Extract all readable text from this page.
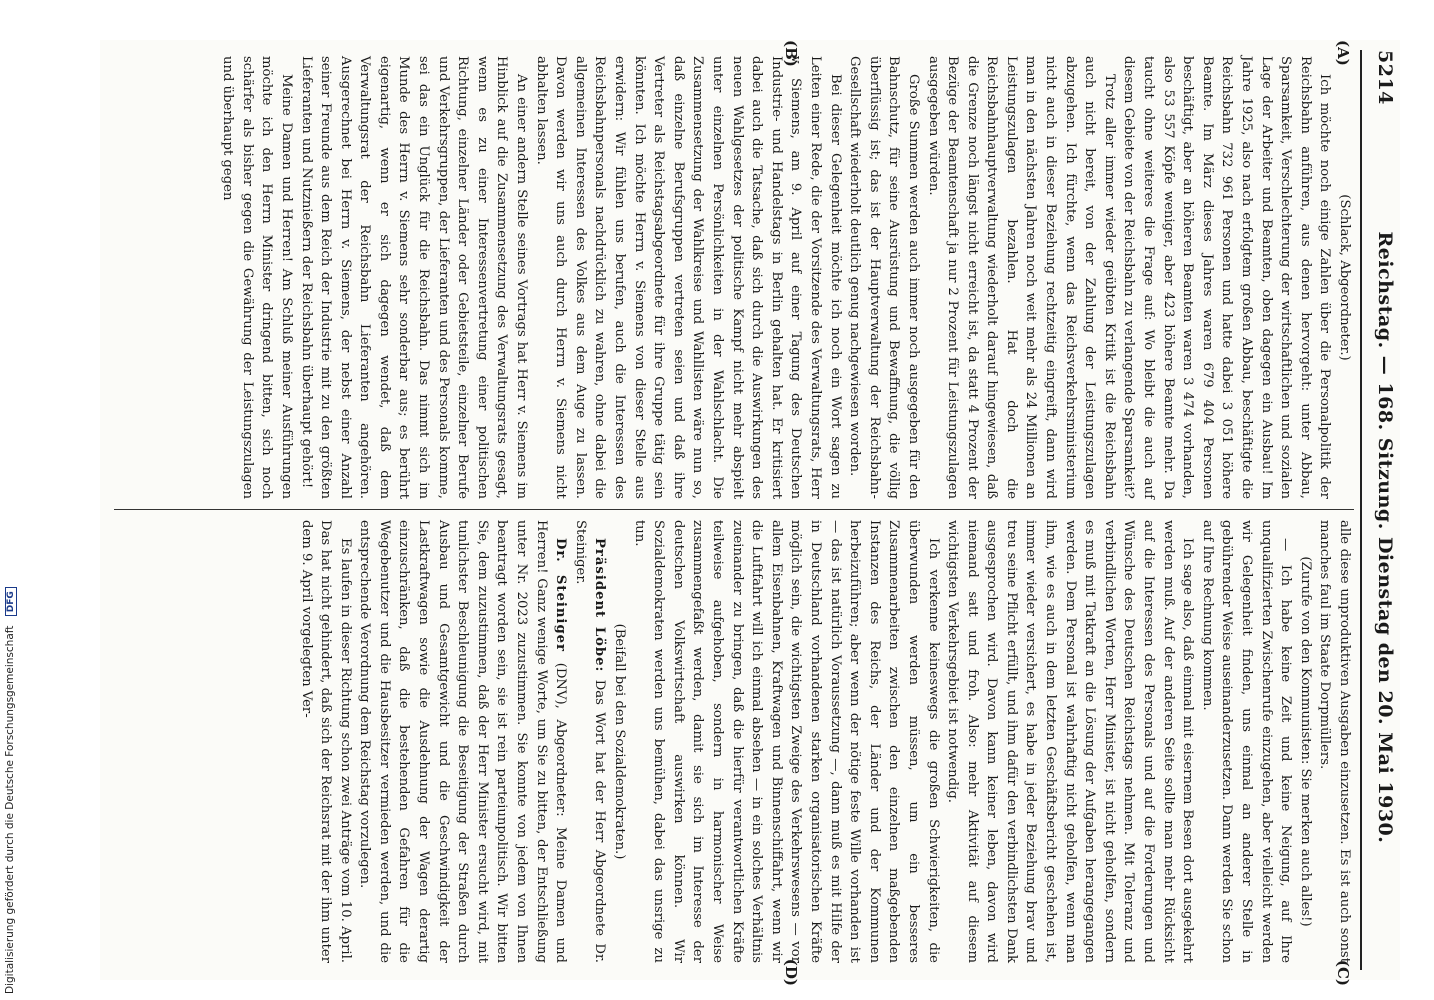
5214
Reichstag. — 168. Sitzung. Dienstag den 20. Mai 1930.
(A)
(B)
(C)
(D)

(Schlack, Abgeordneter.)

Ich möchte noch einige Zahlen über die Personalpolitik der Reichsbahn anführen, aus denen hervorgeht: unter Abbau, Sparsamkeit, Verschlechterung der wirtschaftlichen und sozialen Lage der Arbeiter und Beamten, oben dagegen ein Ausbau! Im Jahre 1925, also nach erfolgtem großen Abbau, beschäftigte die Reichsbahn 732 961 Personen und hatte dabei 3 051 höhere Beamte. Im März dieses Jahres waren 679 404 Personen beschäftigt, aber an höheren Beamten waren 3 474 vorhanden, also 53 557 Köpfe weniger, aber 423 höhere Beamte mehr. Da taucht ohne weiteres die Frage auf: Wo bleibt die auch auf diesem Gebiete von der Reichsbahn zu verlangende Sparsamkeit?

Trotz aller immer wieder geübten Kritik ist die Reichsbahn auch nicht bereit, von der Zahlung der Leistungszulagen abzugehen. Ich fürchte, wenn das Reichsverkehrsministerium nicht auch in dieser Beziehung rechtzeitig eingreift, dann wird man in den nächsten Jahren noch weit mehr als 24 Millionen an Leistungszulagen bezahlen. Hat doch die Reichsbahnhauptverwaltung wiederholt darauf hingewiesen, daß die Grenze noch längst nicht erreicht ist, da statt 4 Prozent der Bezüge der Beamtenschaft ja nur 2 Prozent für Leistungszulagen ausgegeben würden.

Große Summen werden auch immer noch ausgegeben für den Bahnschutz, für seine Ausrüstung und Bewaffnung, die völlig überflüssig ist; das ist der Hauptverwaltung der Reichsbahn-Gesellschaft wiederholt deutlich genug nachgewiesen worden.

Bei dieser Gelegenheit möchte ich noch ein Wort sagen zu Leiten einer Rede, die der Vorsitzende des Verwaltungsrats, Herr v. Siemens, am 9. April auf einer Tagung des Deutschen Industrie- und Handelstags in Berlin gehalten hat. Er kritisiert dabei auch die Tatsache, daß sich durch die Auswirkungen des neuen Wahlgesetzes der politische Kampf nicht mehr abspielt unter einzelnen Persönlichkeiten in der Wahlschlacht. Die Zusammensetzung der Wahlkreise und Wahllisten wäre nun so, daß einzelne Berufsgruppen vertreten seien und daß ihre Vertreter als Reichstagsabgeordnete für ihre Gruppe tätig sein könnten. Ich möchte Herrn v. Siemens von dieser Stelle aus erwidern: Wir fühlen uns berufen, auch die Interessen des Reichsbahnpersonals nachdrücklich zu wahren, ohne dabei die allgemeinen Interessen des Volkes aus dem Auge zu lassen. Davon werden wir uns auch durch Herrn v. Siemens nicht abhalten lassen.

An einer andern Stelle seines Vortrags hat Herr v. Siemens im Hinblick auf die Zusammensetzung des Verwaltungsrats gesagt, wenn es zu einer Interessenvertretung einer politischen Richtung, einzelner Länder oder Gebietsteile, einzelner Berufe und Verkehrsgruppen, der Lieferanten und des Personals komme, sei das ein Unglück für die Reichsbahn. Das nimmt sich im Munde des Herrn v. Siemens sehr sonderbar aus; es berührt eigenartig, wenn er sich dagegen wendet, daß dem Verwaltungsrat der Reichsbahn Lieferanten angehören. Ausgerechnet bei Herrn v. Siemens, der nebst einer Anzahl seiner Freunde aus dem Reich der Industrie mit zu den größten Lieferanten und Nutznießern der Reichsbahn überhaupt gehört!

Meine Damen und Herren! Am Schluß meiner Ausführungen möchte ich den Herrn Minister dringend bitten, sich noch schärfer als bisher gegen die Gewährung der Leistungszulagen und überhaupt gegen

alle diese unproduktiven Ausgaben einzusetzen. Es ist auch sonst manches faul im Staate Dorpmüllers.

(Zurufe von den Kommunisten: Sie merken auch alles!)

— Ich habe keine Zeit und keine Neigung, auf Ihre unqualifizierten Zwischenrufe einzugehen, aber vielleicht werden wir Gelegenheit finden, uns einmal an anderer Stelle in gebührender Weise auseinanderzusetzen. Dann werden Sie schon auf Ihre Rechnung kommen.

Ich sage also, daß einmal mit eisernem Besen dort ausgekehrt werden muß. Auf der anderen Seite sollte man mehr Rücksicht auf die Interessen des Personals und auf die Forderungen und Wünsche des Deutschen Reichstags nehmen. Mit Toleranz und verbindlichen Worten, Herr Minister, ist nicht geholfen, sondern es muß mit Tatkraft an die Lösung der Aufgaben herangegangen werden. Dem Personal ist wahrhaftig nicht geholfen, wenn man ihm, wie es auch in dem letzten Geschäftsbericht geschehen ist, immer wieder versichert, es habe in jeder Beziehung brav und treu seine Pflicht erfüllt, und ihm dafür den verbindlichsten Dank ausgesprochen wird. Davon kann keiner leben, davon wird niemand satt und froh. Also: mehr Aktivität auf diesem wichtigsten Verkehrsgebiet ist notwendig.

Ich verkenne keineswegs die großen Schwierigkeiten, die überwunden werden müssen, um ein besseres Zusammenarbeiten zwischen den einzelnen maßgebenden Instanzen des Reichs, der Länder und der Kommunen herbeizuführen; aber wenn der nötige feste Wille vorhanden ist — das ist natürlich Voraussetzung —, dann muß es mit Hilfe der in Deutschland vorhandenen starken organisatorischen Kräfte möglich sein, die wichtigsten Zweige des Verkehrswesens — vor allem Eisenbahnen, Kraftwagen und Binnenschiffahrt, wenn wir die Luftfahrt will ich einmal absehen — in ein solches Verhältnis zueinander zu bringen, daß die hierfür verantwortlichen Kräfte teilweise aufgehoben, sondern in harmonischer Weise zusammengefaßt werden, damit sie sich im Interesse der deutschen Volkswirtschaft auswirken können. Wir Sozialdemokraten werden uns bemühen, dabei das unsrige zu tun.

(Beifall bei den Sozialdemokraten.)

Präsident Löbe: Das Wort hat der Herr Abgeordnete Dr. Steiniger.

Dr. Steiniger (DNV), Abgeordneter: Meine Damen und Herren! Ganz wenige Worte, um Sie zu bitten, der Entschließung unter Nr. 2023 zuzustimmen. Sie konnte von jedem von Ihnen beantragt worden sein, sie ist rein parteiunpolitisch. Wir bitten Sie, dem zuzustimmen, daß der Herr Minister ersucht wird, mit tunlichster Beschleunigung die Beseitigung der Straßen durch Ausbau und Gesamtgewicht und die Geschwindigkeit der Lastkraftwagen sowie die Ausdehnung der Wagen derartig einzuschränken, daß die bestehenden Gefahren für die Wegebenutzer und die Hausbesitzer vermieden werden, und die entsprechende Verordnung dem Reichstag vorzulegen.

Es laufen in dieser Richtung schon zwei Anträge vom 10. April. Das hat nicht gehindert, daß sich der Reichsrat mit der ihm unter dem 9. April vorgelegten Ver-

Digitalisierung gefördert durch die Deutsche Forschungsgemeinschaft DFG
